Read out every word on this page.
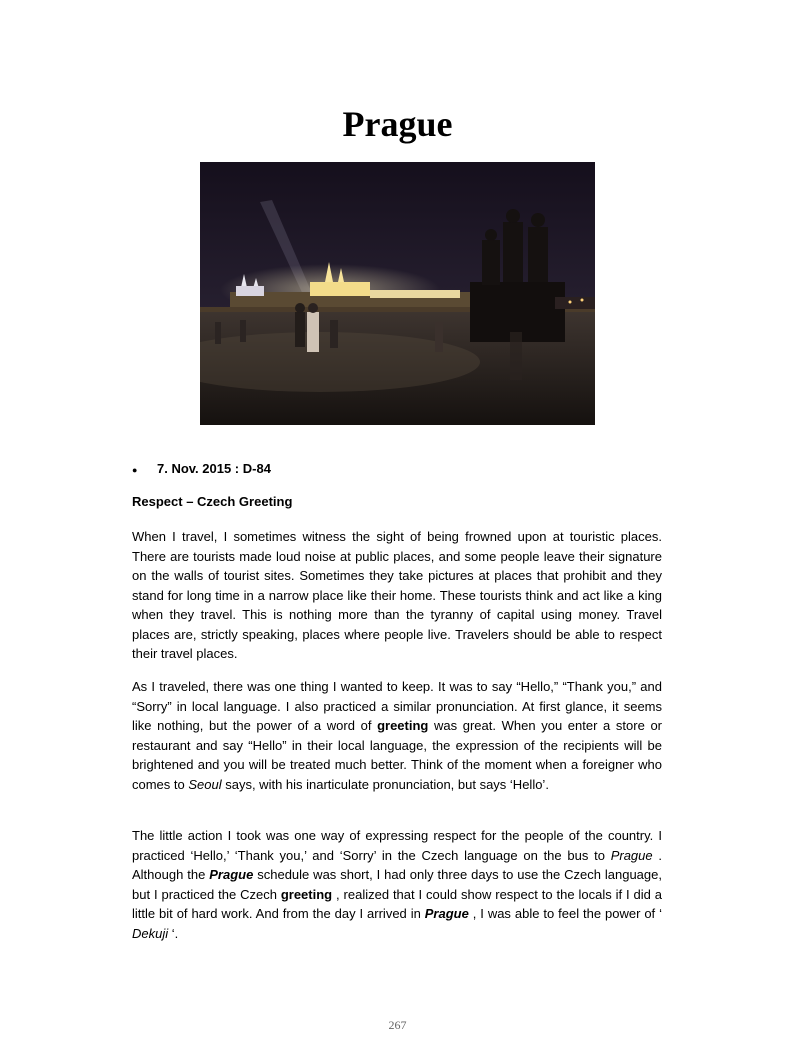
Prague
● 7. Nov. 2015 : D-84
Respect – Czech Greeting

When I travel, I sometimes witness the sight of being frowned upon at touristic places. There are tourists made loud noise at public places, and some people leave their signature on the walls of tourist sites. Sometimes they take pictures at places that prohibit and they stand for long time in a narrow place like their home. These tourists think and act like a king when they travel. This is nothing more than the tyranny of capital using money. Travel places are, strictly speaking, places where people live. Travelers should be able to respect their travel places.

As I traveled, there was one thing I wanted to keep. It was to say “Hello,” “Thank you,” and “Sorry” in local language. I also practiced a similar pronunciation. At first glance, it seems like nothing, but the power of a word of greeting was great. When you enter a store or restaurant and say “Hello” in their local language, the expression of the recipients will be brightened and you will be treated much better. Think of the moment when a foreigner who comes to Seoul says, with his inarticulate pronunciation, but says ‘Hello’.

The little action I took was one way of expressing respect for the people of the country. I practiced ‘Hello,’ ‘Thank you,’ and ‘Sorry’ in the Czech language on the bus to Prague . Although the Prague schedule was short, I had only three days to use the Czech language, but I practiced the Czech greeting , realized that I could show respect to the locals if I did a little bit of hard work. And from the day I arrived in Prague , I was able to feel the power of ‘ Dekuji ‘.

267
